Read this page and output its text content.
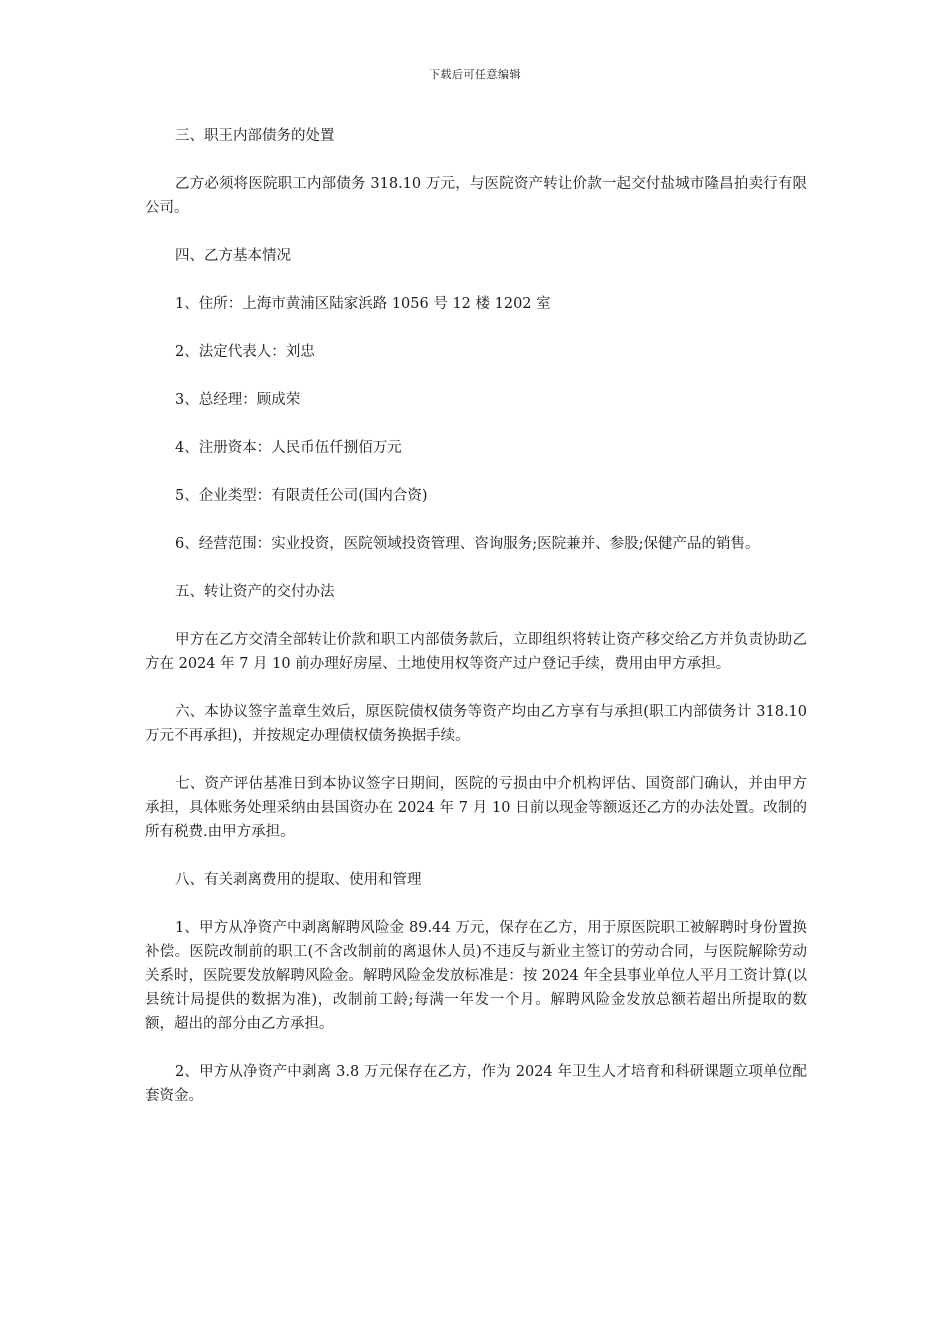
下载后可任意编辑

三、职王内部债务的处置

乙方必须将医院职工内部债务 318.10 万元，与医院资产转让价款一起交付盐城市隆昌拍卖行有限公司。

四、乙方基本情况

1、住所：上海市黄浦区陆家浜路 1056 号 12 楼 1202 室

2、法定代表人：刘忠

3、总经理：顾成荣

4、注册资本：人民币伍仟捌佰万元

5、企业类型：有限责任公司(国内合资)

6、经营范围：实业投资，医院领域投资管理、咨询服务;医院兼并、参股;保健产品的销售。

五、转让资产的交付办法

甲方在乙方交清全部转让价款和职工内部债务款后，立即组织将转让资产移交给乙方并负责协助乙方在 2024 年 7 月 10 前办理好房屋、土地使用权等资产过户登记手续，费用由甲方承担。

六、本协议签字盖章生效后，原医院债权债务等资产均由乙方享有与承担(职工内部债务计 318.10 万元不再承担)，并按规定办理债权债务换据手续。

七、资产评估基准日到本协议签字日期间，医院的亏损由中介机构评估、国资部门确认，并由甲方承担，具体账务处理采纳由县国资办在 2024 年 7 月 10 日前以现金等额返还乙方的办法处置。改制的所有税费.由甲方承担。

八、有关剥离费用的提取、使用和管理

1、甲方从净资产中剥离解聘风险金 89.44 万元，保存在乙方，用于原医院职工被解聘时身份置换补偿。医院改制前的职工(不含改制前的离退休人员)不违反与新业主签订的劳动合同，与医院解除劳动关系时，医院要发放解聘风险金。解聘风险金发放标准是：按 2024 年全县事业单位人平月工资计算(以县统计局提供的数据为准)，改制前工龄;每满一年发一个月。解聘风险金发放总额若超出所提取的数额，超出的部分由乙方承担。

2、甲方从净资产中剥离 3.8 万元保存在乙方，作为 2024 年卫生人才培育和科研课题立项单位配套资金。
